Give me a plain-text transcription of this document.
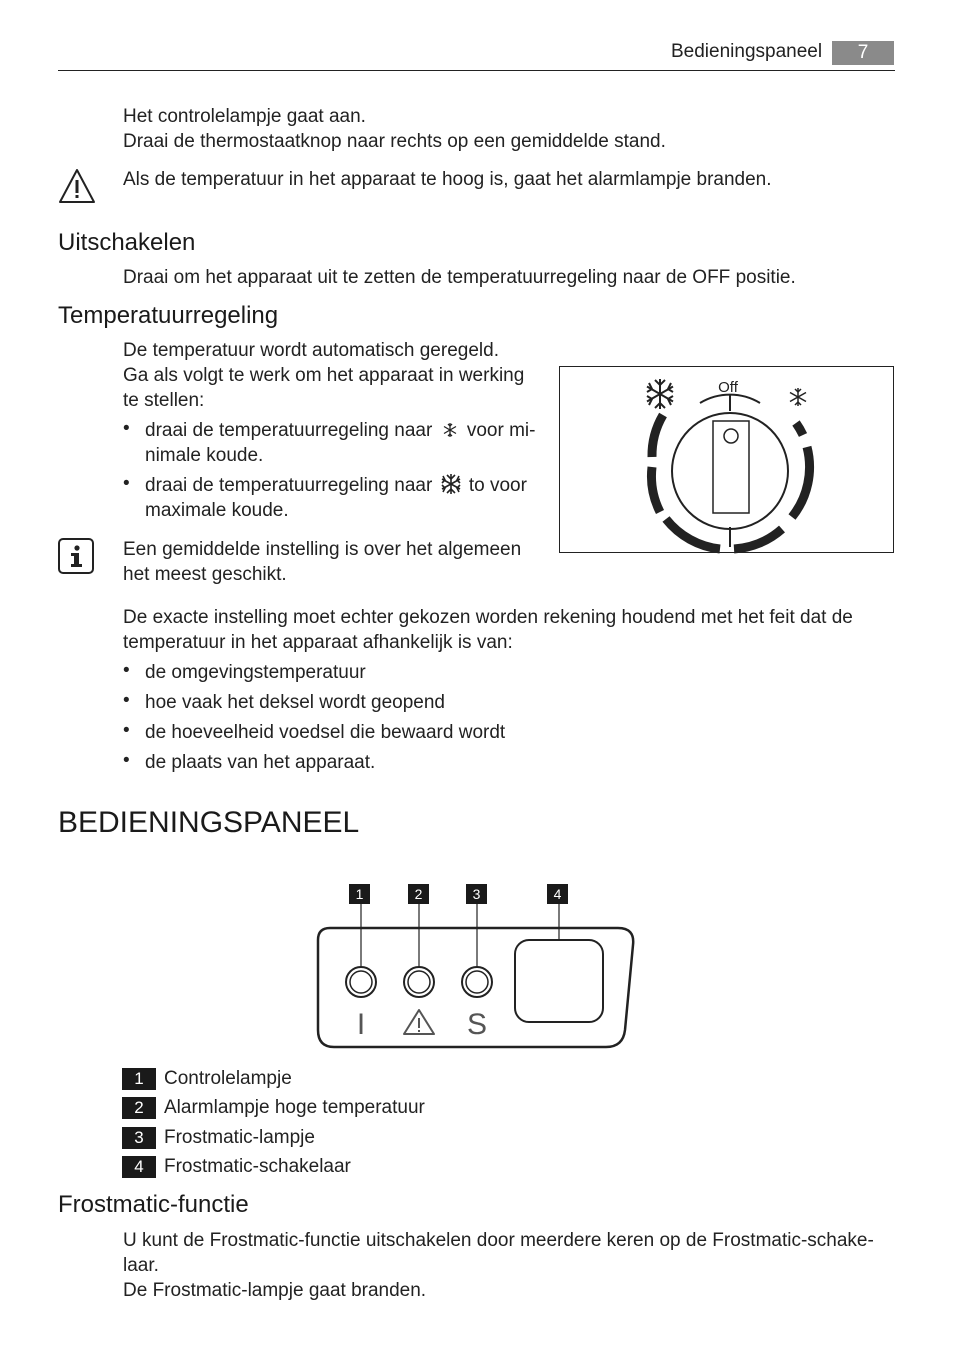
Bedieningspaneel	7
Het controlelampje gaat aan.
Draai de thermostaatknop naar rechts op een gemiddelde stand.
Als de temperatuur in het apparaat te hoog is, gaat het alarmlampje branden.
Uitschakelen
Draai om het apparaat uit te zetten de temperatuurregeling naar de OFF positie.
Temperatuurregeling
De temperatuur wordt automatisch geregeld.
Ga als volgt te werk om het apparaat in werking
te stellen:
• draai de temperatuurregeling naar voor mi-
nimale koude.
• draai de temperatuurregeling naar to voor
maximale koude.
Off
Een gemiddelde instelling is over het algemeen
het meest geschikt.
De exacte instelling moet echter gekozen worden rekening houdend met het feit dat de
temperatuur in het apparaat afhankelijk is van:
• de omgevingstemperatuur
• hoe vaak het deksel wordt geopend
• de hoeveelheid voedsel die bewaard wordt
• de plaats van het apparaat.
BEDIENINGSPANEEL
1	2	3	4
I	S
1	Controlelampje
2	Alarmlampje hoge temperatuur
3	Frostmatic-lampje
4	Frostmatic-schakelaar
Frostmatic-functie
U kunt de Frostmatic-functie uitschakelen door meerdere keren op de Frostmatic-schake-
laar.
De Frostmatic-lampje gaat branden.
